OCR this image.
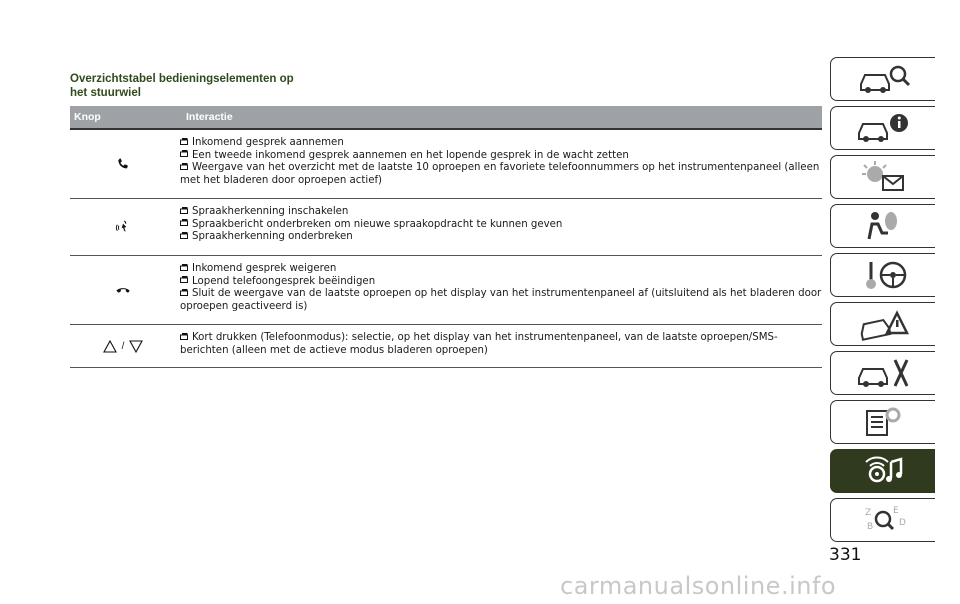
Overzichtstabel bedieningselementen op
het stuurwiel
Knop	Interactie
Inkomend gesprek aannemen
Een tweede inkomend gesprek aannemen en het lopende gesprek in de wacht zetten
Weergave van het overzicht met de laatste 10 oproepen en favoriete telefoonnummers op het instrumentenpaneel (alleen met het bladeren door oproepen actief)
Spraakherkenning inschakelen
Spraakbericht onderbreken om nieuwe spraakopdracht te kunnen geven
Spraakherkenning onderbreken
Inkomend gesprek weigeren
Lopend telefoongesprek beëindigen
Sluit de weergave van de laatste oproepen op het display van het instrumentenpaneel af (uitsluitend als het bladeren door oproepen geactiveerd is)
/
Kort drukken (Telefoonmodus): selectie, op het display van het instrumentenpaneel, van de laatste oproepen/SMS-berichten (alleen met de actieve modus bladeren oproepen)
Z E
B	D
331
carmanualsonline.info
